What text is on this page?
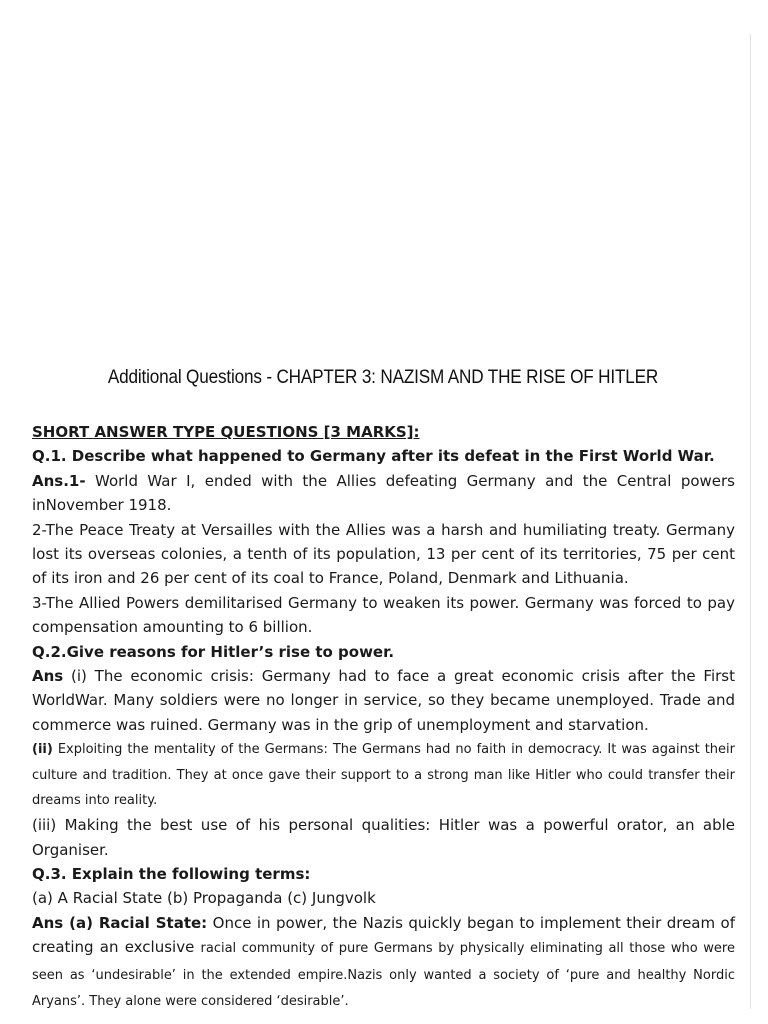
Additional Questions - CHAPTER 3: NAZISM AND THE RISE OF HITLER

SHORT ANSWER TYPE QUESTIONS [3 MARKS]:

Q.1. Describe what happened to Germany after its defeat in the First World War.

Ans.1- World War I, ended with the Allies defeating Germany and the Central powers inNovember 1918.

2-The Peace Treaty at Versailles with the Allies was a harsh and humiliating treaty. Germany lost its overseas colonies, a tenth of its population, 13 per cent of its territories, 75 per cent of its iron and 26 per cent of its coal to France, Poland, Denmark and Lithuania.

3-The Allied Powers demilitarised Germany to weaken its power. Germany was forced to pay compensation amounting to 6 billion.

Q.2.Give reasons for Hitler’s rise to power.

Ans (i) The economic crisis: Germany had to face a great economic crisis after the First WorldWar. Many soldiers were no longer in service, so they became unemployed. Trade and commerce was ruined. Germany was in the grip of unemployment and starvation.

(ii) Exploiting the mentality of the Germans: The Germans had no faith in democracy. It was against their culture and tradition. They at once gave their support to a strong man like Hitler who could transfer their dreams into reality.

(iii) Making the best use of his personal qualities: Hitler was a powerful orator, an able Organiser.

Q.3. Explain the following terms:

(a) A Racial State (b) Propaganda (c) Jungvolk

Ans (a) Racial State: Once in power, the Nazis quickly began to implement their dream of creating an exclusive racial community of pure Germans by physically eliminating all those who were seen as ‘undesirable’ in the extended empire.Nazis only wanted a society of ‘pure and healthy Nordic Aryans’. They alone were considered ‘desirable’.
